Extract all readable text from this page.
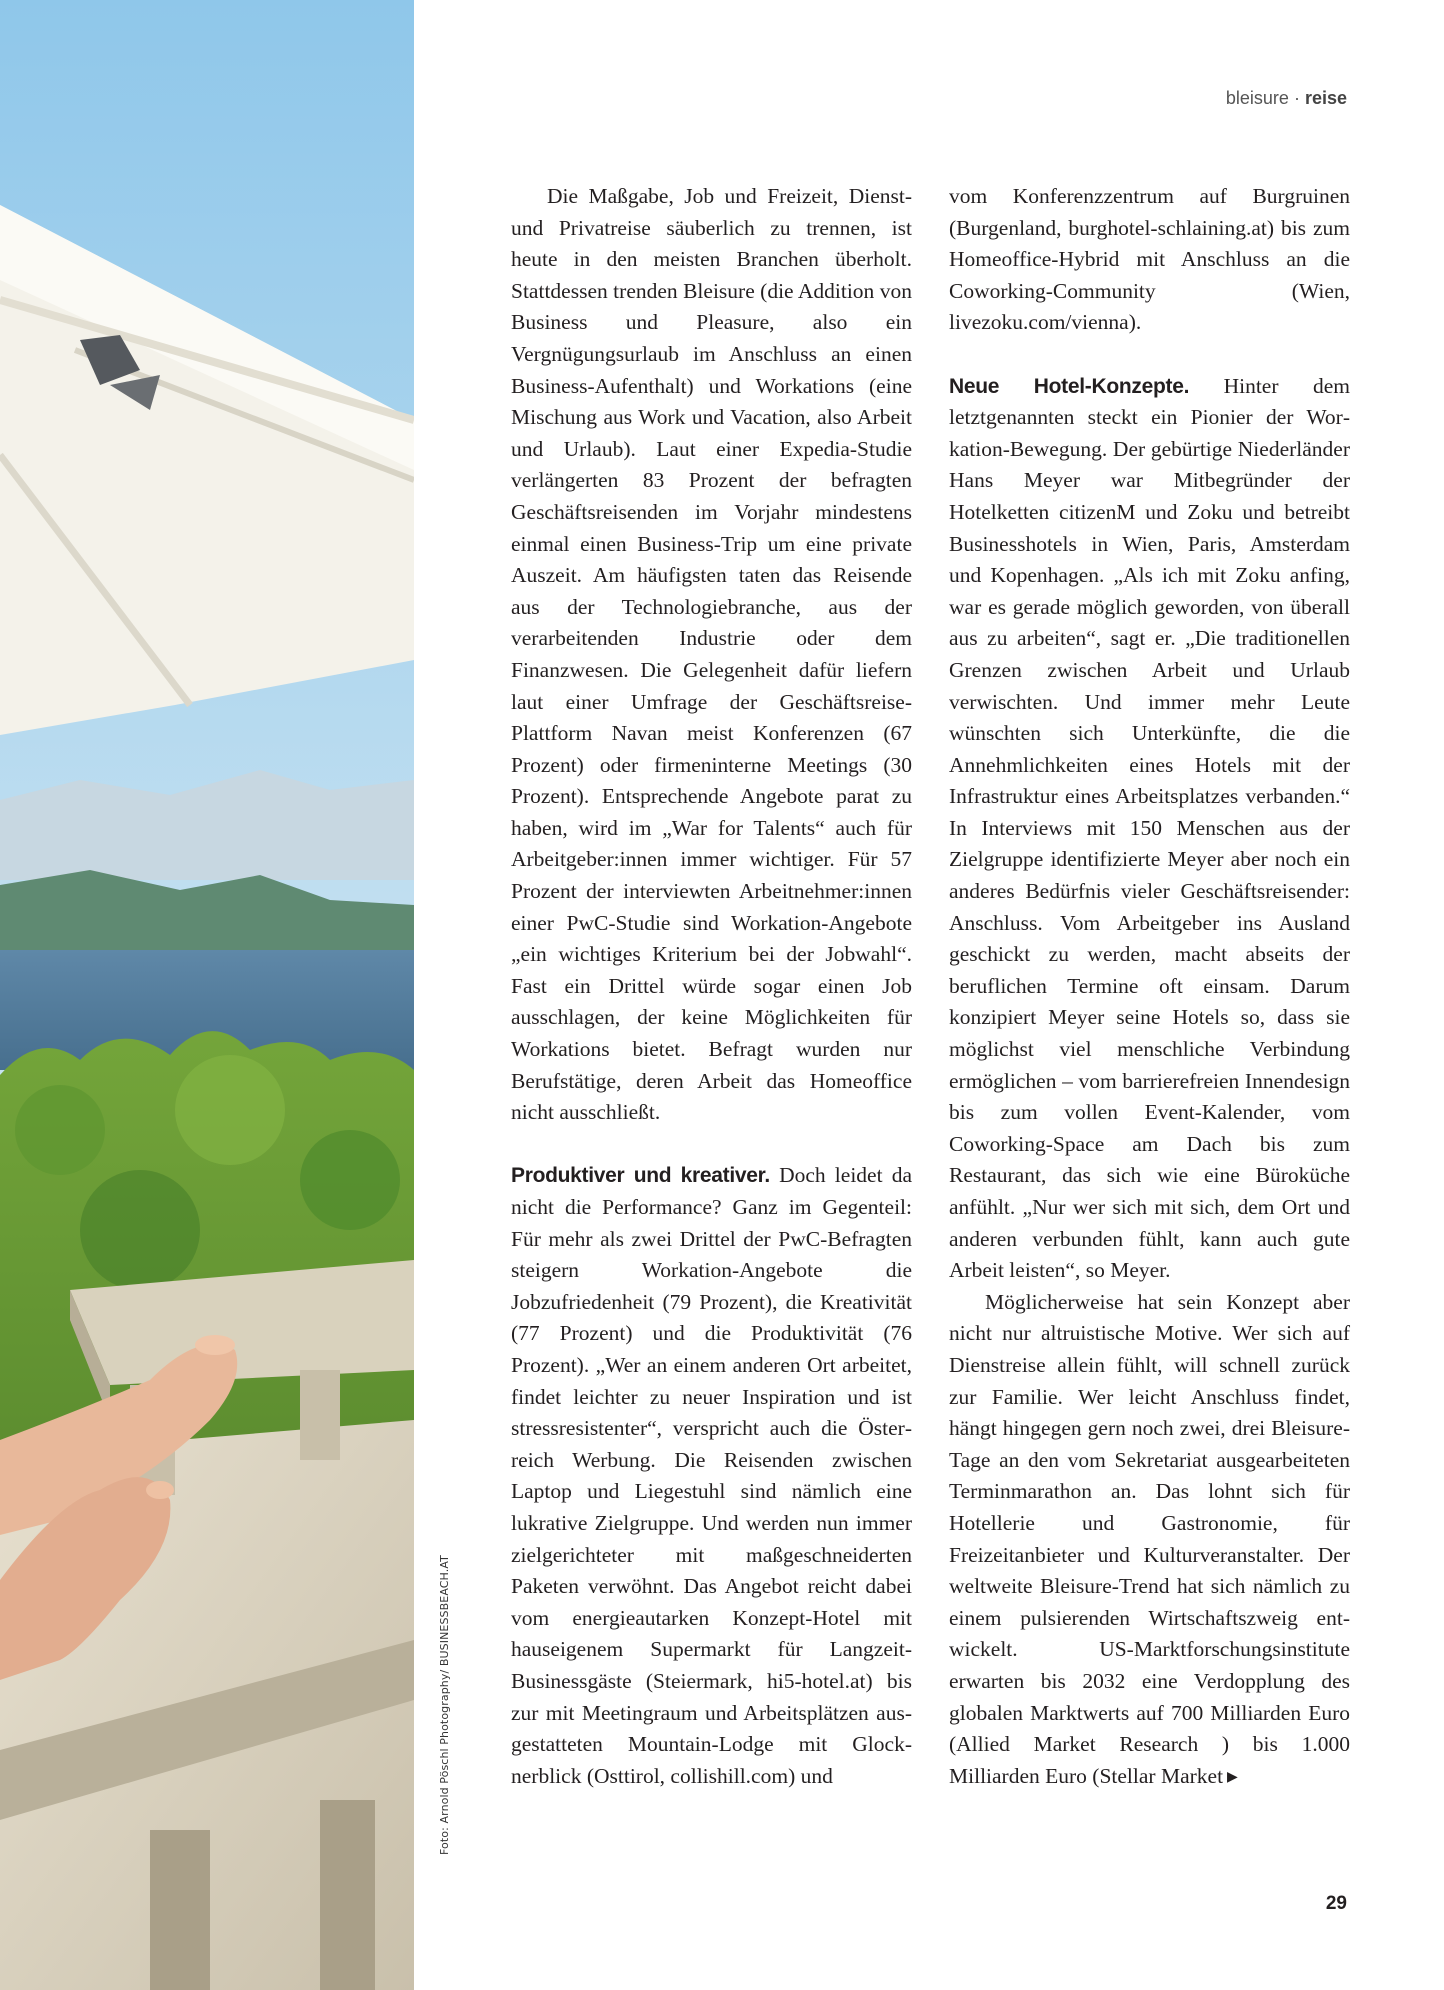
Foto: Arnold Pöschl Photography/ BUSINESSBEACH.AT
bleisure · reise

Die Maßgabe, Job und Freizeit, Dienst- und Privatreise säuberlich zu trennen, ist heute in den meisten Branchen überholt. Stattdessen trenden Bleisure (die Addition von Business und Pleasure, also ein Vergnügungsurlaub im Anschluss an einen Business-Aufenthalt) und Workations (eine Mischung aus Work und Vacation, also Arbeit und Urlaub). Laut einer Expedia-Studie verlängerten 83 Prozent der befragten Geschäftsreisenden im Vorjahr mindestens einmal einen Business-Trip um eine private Auszeit. Am häufigsten taten das Reisende aus der Technologiebranche, aus der verarbeitenden Industrie oder dem Finanzwesen. Die Gelegenheit dafür liefern laut einer Umfrage der Geschäftsreise-Plattform Navan meist Konferenzen (67 Prozent) oder firmeninterne Meetings (30 Prozent). Entsprechende Angebote parat zu haben, wird im „War for Talents“ auch für Arbeitgeber:innen immer wichtiger. Für 57 Prozent der interviewten Arbeitnehmer:innen einer PwC-Studie sind Workation-Angebote „ein wichtiges Kriterium bei der Jobwahl“. Fast ein Drittel würde sogar einen Job ausschlagen, der keine Möglichkeiten für Workations bietet. Befragt wurden nur Berufstätige, deren Arbeit das Homeoffice nicht ausschließt.

Produktiver und kreativer. Doch leidet da nicht die Performance? Ganz im Gegenteil: Für mehr als zwei Drittel der PwC-Befragten steigern Workation-Angebote die Jobzufriedenheit (79 Prozent), die Kreativität (77 Prozent) und die Produktivität (76 Prozent). „Wer an einem anderen Ort arbeitet, findet leichter zu neuer Inspiration und ist stressresistenter“, verspricht auch die Österreich Werbung. Die Reisenden zwischen Laptop und Liegestuhl sind nämlich eine lukrative Zielgruppe. Und werden nun immer zielgerichteter mit maßgeschneiderten Paketen verwöhnt. Das Angebot reicht dabei vom energieautarken Konzept-Hotel mit hauseigenem Supermarkt für Langzeit-Businessgäste (Steiermark, hi5-hotel.at) bis zur mit Meetingraum und Arbeitsplätzen ausgestatteten Mountain-Lodge mit Glocknerblick (Osttirol, collishill.com) und

vom Konferenzzentrum auf Burgruinen (Burgenland, burghotel-schlaining.at) bis zum Homeoffice-Hybrid mit Anschluss an die Coworking-Community (Wien, livezoku.com/vienna).

Neue Hotel-Konzepte. Hinter dem letztgenannten steckt ein Pionier der Workation-Bewegung. Der gebürtige Niederländer Hans Meyer war Mitbegründer der Hotelketten citizenM und Zoku und betreibt Businesshotels in Wien, Paris, Amsterdam und Kopenhagen. „Als ich mit Zoku anfing, war es gerade möglich geworden, von überall aus zu arbeiten“, sagt er. „Die traditionellen Grenzen zwischen Arbeit und Urlaub verwischten. Und immer mehr Leute wünschten sich Unterkünfte, die die Annehmlichkeiten eines Hotels mit der Infrastruktur eines Arbeitsplatzes verbanden.“ In Interviews mit 150 Menschen aus der Zielgruppe identifizierte Meyer aber noch ein anderes Bedürfnis vieler Geschäftsreisender: Anschluss. Vom Arbeitgeber ins Ausland geschickt zu werden, macht abseits der beruflichen Termine oft einsam. Darum konzipiert Meyer seine Hotels so, dass sie möglichst viel menschliche Verbindung ermöglichen – vom barrierefreien Innendesign bis zum vollen Event-Kalender, vom Coworking-Space am Dach bis zum Restaurant, das sich wie eine Büroküche anfühlt. „Nur wer sich mit sich, dem Ort und anderen verbunden fühlt, kann auch gute Arbeit leisten“, so Meyer.

Möglicherweise hat sein Konzept aber nicht nur altruistische Motive. Wer sich auf Dienstreise allein fühlt, will schnell zurück zur Familie. Wer leicht Anschluss findet, hängt hingegen gern noch zwei, drei Bleisure-Tage an den vom Sekretariat ausgearbeiteten Terminmarathon an. Das lohnt sich für Hotellerie und Gastronomie, für Freizeitanbieter und Kulturveranstalter. Der weltweite Bleisure-Trend hat sich nämlich zu einem pulsierenden Wirtschaftszweig entwickelt. US-Marktforschungsinstitute erwarten bis 2032 eine Verdopplung des globalen Marktwerts auf 700 Milliarden Euro (Allied Market Research ) bis 1.000 Milliarden Euro (Stellar Market ▶

29
